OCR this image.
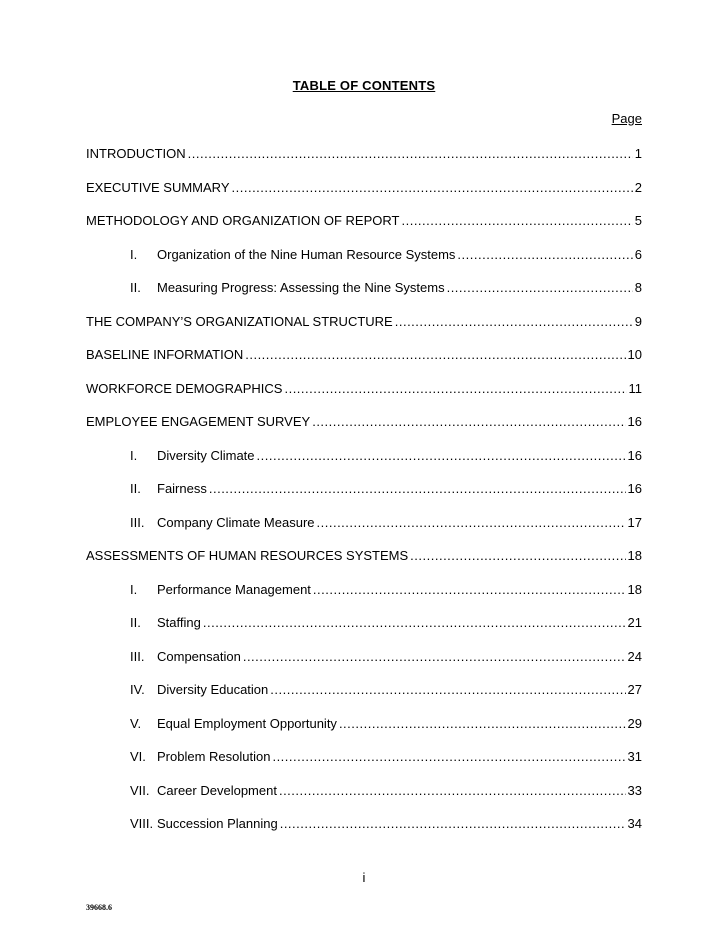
TABLE OF CONTENTS
Page
INTRODUCTION .....	1
EXECUTIVE SUMMARY .....	2
METHODOLOGY AND ORGANIZATION OF REPORT .....	5
I.	Organization of the Nine Human Resource Systems .....	6
II.	Measuring Progress: Assessing the Nine Systems .....	8
THE COMPANY’S ORGANIZATIONAL STRUCTURE .....	9
BASELINE INFORMATION .....	10
WORKFORCE DEMOGRAPHICS .....	11
EMPLOYEE ENGAGEMENT SURVEY .....	16
I.	Diversity Climate .....	16
II.	Fairness .....	16
III. Company Climate Measure .....	17
ASSESSMENTS OF HUMAN RESOURCES SYSTEMS .....	18
I.	Performance Management .....	18
II.	Staffing .....	21
III. Compensation .....	24
IV. Diversity Education .....	27
V.	Equal Employment Opportunity .....	29
VI. Problem Resolution .....	31
VII. Career Development .....	33
VIII. Succession Planning .....	34
i
39668.6
